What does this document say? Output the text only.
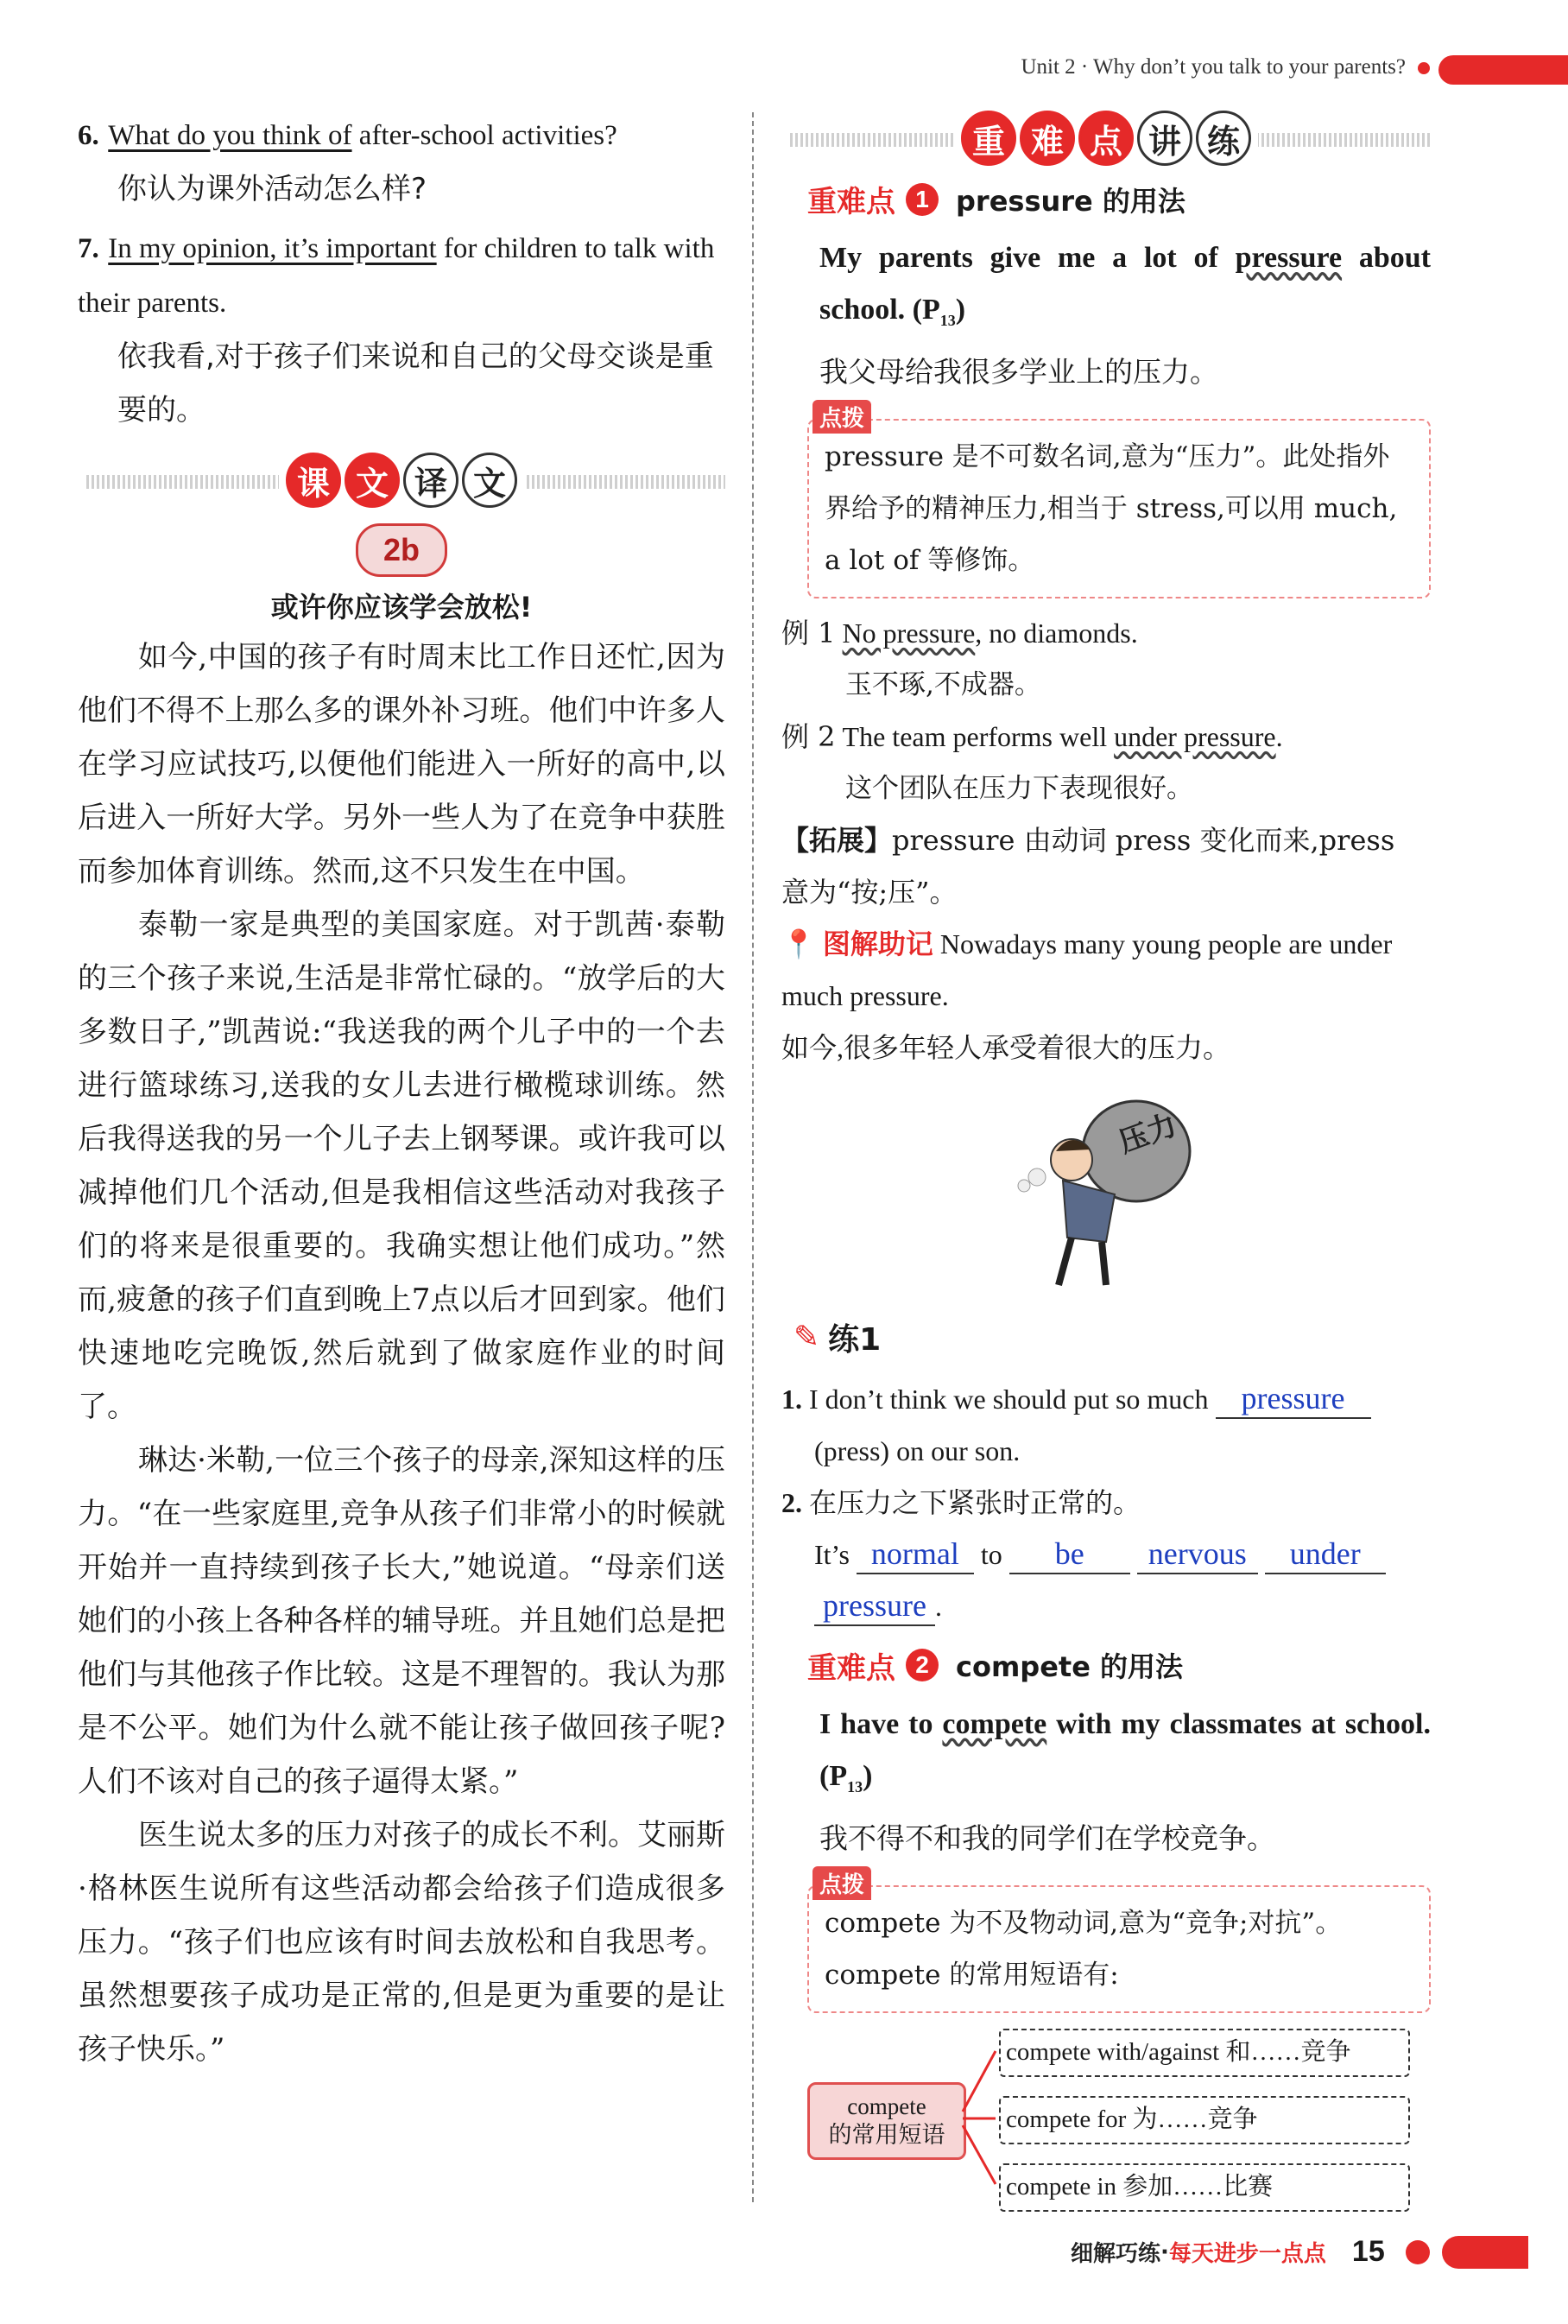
Unit 2 · Why don’t you talk to your parents?
6. What do you think of after-school activities?
你认为课外活动怎么样?
7. In my opinion, it’s important for children to talk with their parents.
依我看,对于孩子们来说和自己的父母交谈是重要的。
课 文 译 文
2b
或许你应该学会放松!

如今,中国的孩子有时周末比工作日还忙,因为他们不得不上那么多的课外补习班。他们中许多人在学习应试技巧,以便他们能进入一所好的高中,以后进入一所好大学。另外一些人为了在竞争中获胜而参加体育训练。然而,这不只发生在中国。

泰勒一家是典型的美国家庭。对于凯茜·泰勒的三个孩子来说,生活是非常忙碌的。“放学后的大多数日子,”凯茜说:“我送我的两个儿子中的一个去进行篮球练习,送我的女儿去进行橄榄球训练。然后我得送我的另一个儿子去上钢琴课。或许我可以减掉他们几个活动,但是我相信这些活动对我孩子们的将来是很重要的。我确实想让他们成功。”然而,疲惫的孩子们直到晚上7点以后才回到家。他们快速地吃完晚饭,然后就到了做家庭作业的时间了。

琳达·米勒,一位三个孩子的母亲,深知这样的压力。“在一些家庭里,竞争从孩子们非常小的时候就开始并一直持续到孩子长大,”她说道。“母亲们送她们的小孩上各种各样的辅导班。并且她们总是把他们与其他孩子作比较。这是不理智的。我认为那是不公平。她们为什么就不能让孩子做回孩子呢?人们不该对自己的孩子逼得太紧。”

医生说太多的压力对孩子的成长不利。艾丽斯·格林医生说所有这些活动都会给孩子们造成很多压力。“孩子们也应该有时间去放松和自我思考。虽然想要孩子成功是正常的,但是更为重要的是让孩子快乐。”

重 难 点 讲 练
重难点 1 pressure 的用法
My parents give me a lot of pressure about school. $(P_{13})$
我父母给我很多学业上的压力。
点拨
pressure 是不可数名词,意为“压力”。此处指外界给予的精神压力,相当于 stress,可以用 much, a lot of 等修饰。
例 1 No pressure, no diamonds.
玉不琢,不成器。
例 2 The team performs well under pressure.
这个团队在压力下表现很好。
【拓展】pressure 由动词 press 变化而来,press 意为“按;压”。
📍 图解助记 Nowadays many young people are under much pressure.
如今,很多年轻人承受着很大的压力。
压力
✎ 练1
1. I don’t think we should put so much pressure
(press) on our son.
2. 在压力之下紧张时正常的。
It’s normal to be nervous under
pressure .
重难点 2 compete 的用法
I have to compete with my classmates at school. $(P_{13})$
我不得不和我的同学们在学校竞争。
点拨
compete 为不及物动词,意为“竞争;对抗”。compete 的常用短语有:
compete
的常用短语
compete with/against 和……竞争
compete for 为……竞争
compete in 参加……比赛
细解巧练 · 每天进步一点点 15
